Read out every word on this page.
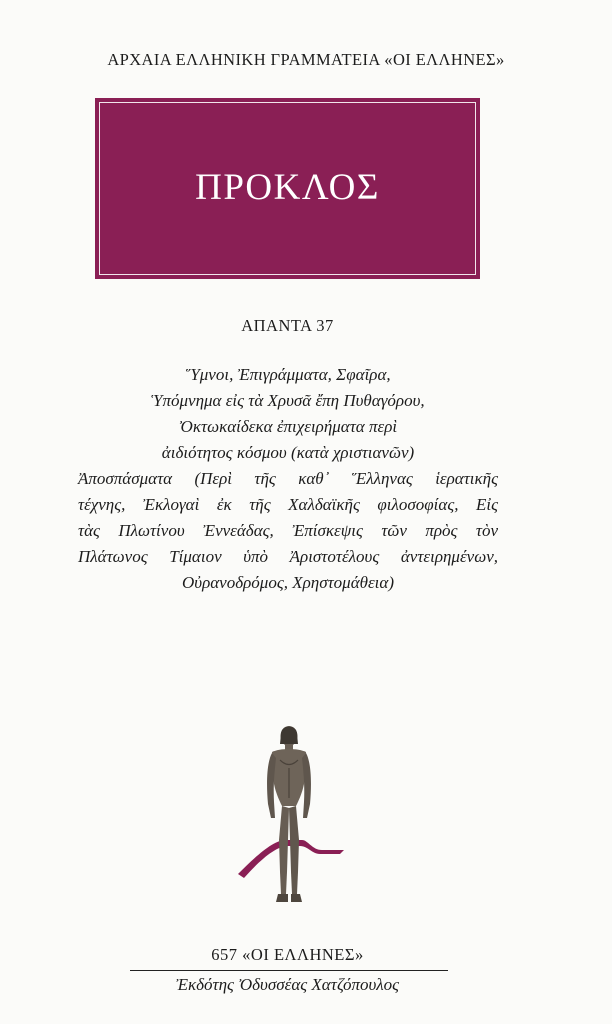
ΑΡΧΑΙΑ ΕΛΛΗΝΙΚΗ ΓΡΑΜΜΑΤΕΙΑ «ΟΙ ΕΛΛΗΝΕΣ»
ΠΡΟΚΛΟΣ
ΑΠΑΝΤΑ 37
Ὕμνοι, Ἐπιγράμματα, Σφαῖρα,
Ὑπόμνημα εἰς τὰ Χρυσᾶ ἔπη Πυθαγόρου,
Ὀκτωκαίδεκα ἐπιχειρήματα περὶ
ἀιδιότητος κόσμου (κατὰ χριστιανῶν)
Ἀποσπάσματα (Περὶ τῆς καθ᾽ Ἕλληνας ἱερατικῆς
τέχνης, Ἐκλογαὶ ἐκ τῆς Χαλδαϊκῆς φιλοσοφίας, Εἰς
τὰς Πλωτίνου Ἐννεάδας, Ἐπίσκεψις τῶν πρὸς τὸν
Πλάτωνος Τίμαιον ὑπὸ Ἀριστοτέλους ἀντειρημένων,
Οὐρανοδρόμος, Χρηστομάθεια)
657 «ΟΙ ΕΛΛΗΝΕΣ»
Ἐκδότης Ὀδυσσέας Χατζόπουλος
